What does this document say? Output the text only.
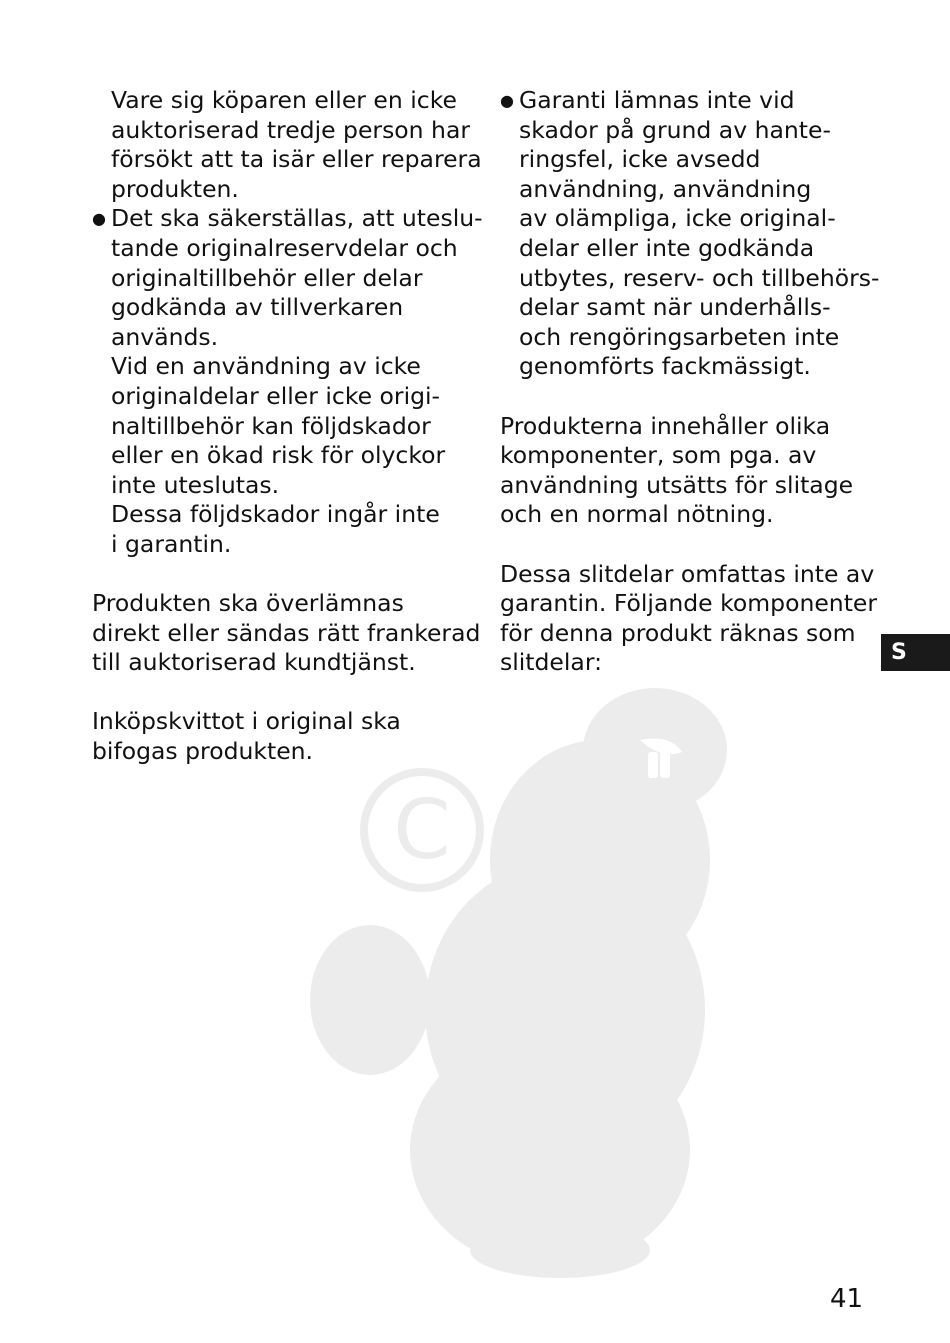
C
Vare sig köparen eller en icke
auktoriserad tredje person har
försökt att ta isär eller reparera
produkten.
● Det ska säkerställas, att uteslu-
tande originalreservdelar och
originaltillbehör eller delar
godkända av tillverkaren
används.
Vid en användning av icke
originaldelar eller icke origi-
naltillbehör kan följdskador
eller en ökad risk för olyckor
inte uteslutas.
Dessa följdskador ingår inte
i garantin.
Produkten ska överlämnas
direkt eller sändas rätt frankerad
till auktoriserad kundtjänst.
Inköpskvittot i original ska
bifogas produkten.
● Garanti lämnas inte vid
skador på grund av hante-
ringsfel, icke avsedd
användning, användning
av olämpliga, icke original-
delar eller inte godkända
utbytes, reserv- och tillbehörs-
delar samt när underhålls-
och rengöringsarbeten inte
genomförts fackmässigt.
Produkterna innehåller olika
komponenter, som pga. av
användning utsätts för slitage
och en normal nötning.
Dessa slitdelar omfattas inte av
garantin. Följande komponenter
för denna produkt räknas som
slitdelar:	S
41
